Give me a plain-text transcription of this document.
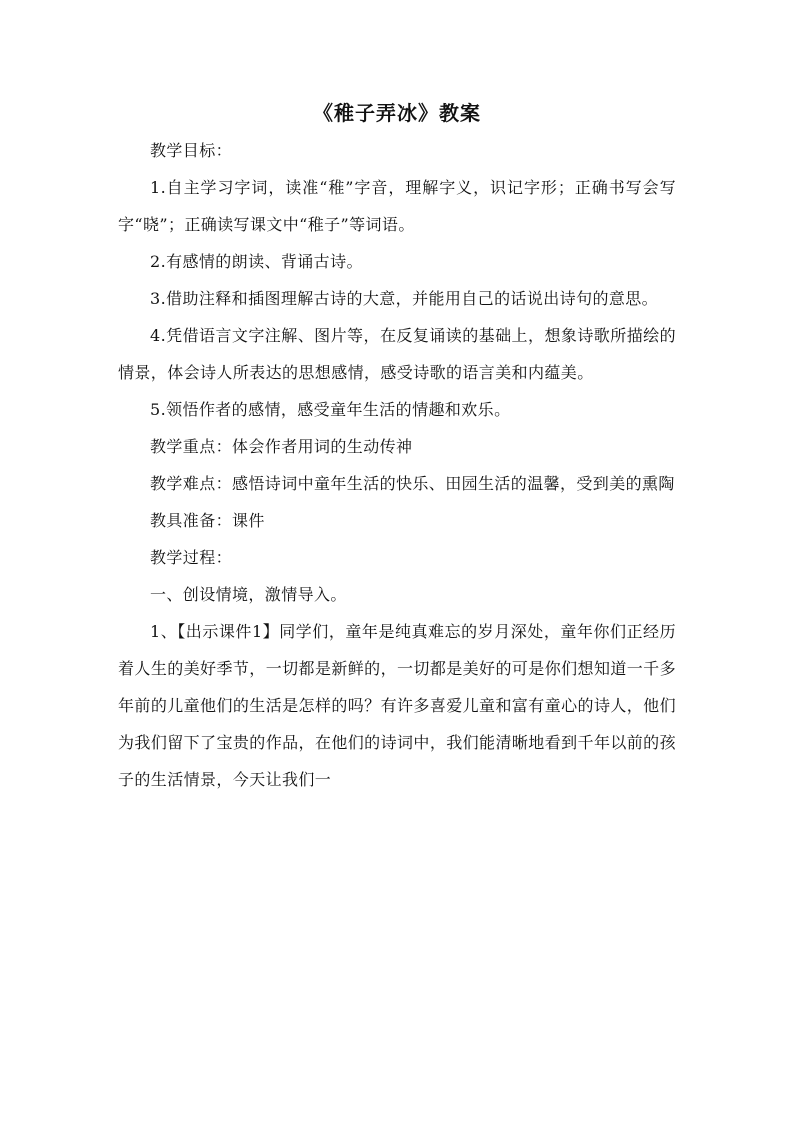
《稚子弄冰》教案

教学目标：

1.自主学习字词，读准“稚”字音，理解字义，识记字形；正确书写会写字“晓”；正确读写课文中“稚子”等词语。

2.有感情的朗读、背诵古诗。

3.借助注释和插图理解古诗的大意，并能用自己的话说出诗句的意思。

4.凭借语言文字注解、图片等，在反复诵读的基础上，想象诗歌所描绘的情景，体会诗人所表达的思想感情，感受诗歌的语言美和内蕴美。

5.领悟作者的感情，感受童年生活的情趣和欢乐。

教学重点：体会作者用词的生动传神

教学难点：感悟诗词中童年生活的快乐、田园生活的温馨，受到美的熏陶

教具准备：课件

教学过程：

一、创设情境，激情导入。

1、【出示课件1】同学们，童年是纯真难忘的岁月深处，童年你们正经历着人生的美好季节，一切都是新鲜的，一切都是美好的可是你们想知道一千多年前的儿童他们的生活是怎样的吗？有许多喜爱儿童和富有童心的诗人，他们为我们留下了宝贵的作品，在他们的诗词中，我们能清晰地看到千年以前的孩子的生活情景，今天让我们一
